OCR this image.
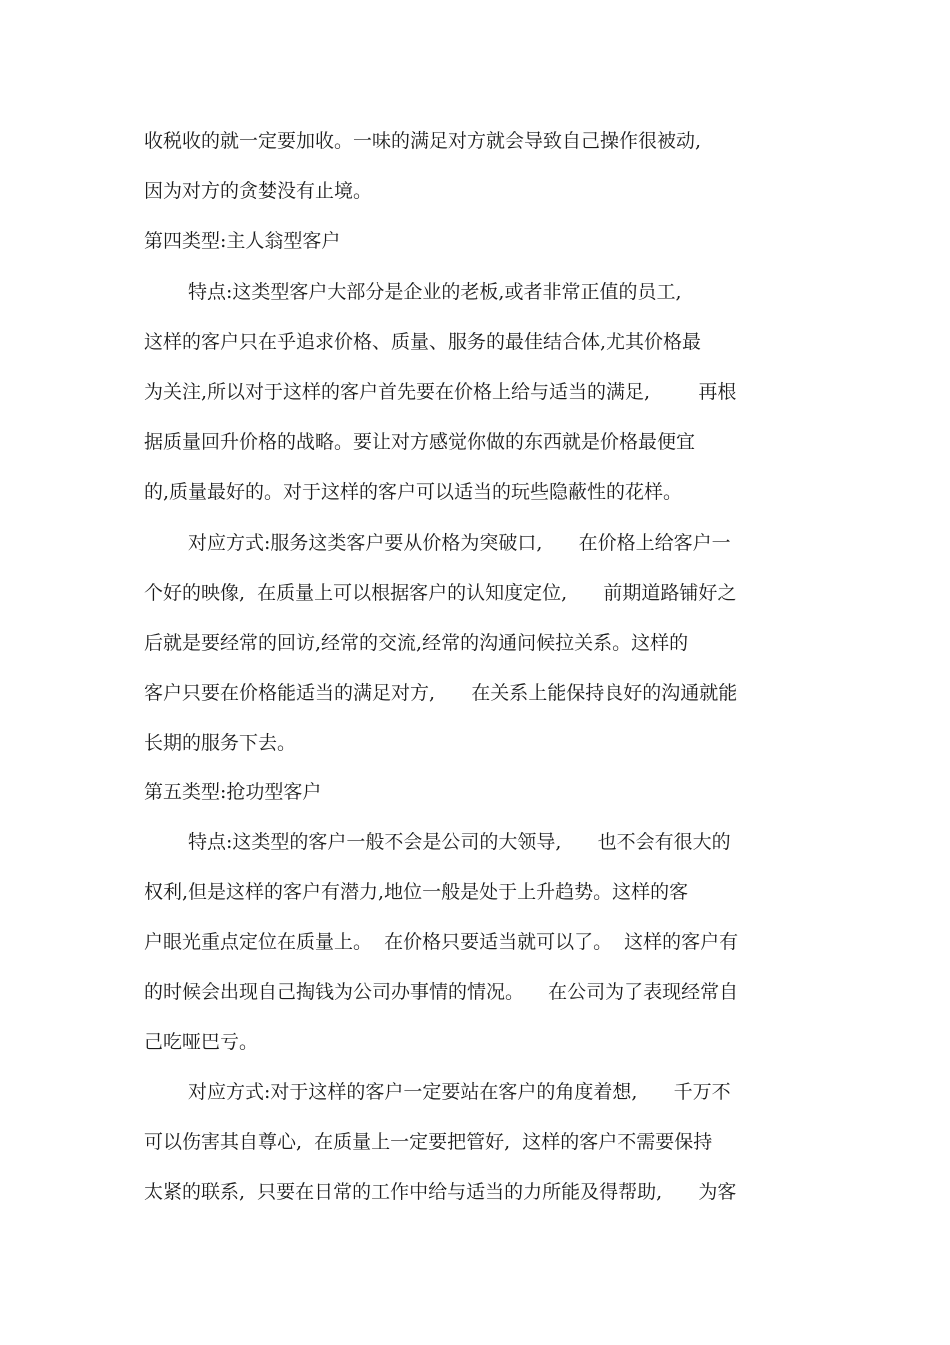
收税收的就一定要加收。一味的满足对方就会导致自己操作很被动,
因为对方的贪婪没有止境。
第四类型:主人翁型客户
特点:这类型客户大部分是企业的老板,或者非常正值的员工,
这样的客户只在乎追求价格、质量、服务的最佳结合体,尤其价格最
为关注,所以对于这样的客户首先要在价格上给与适当的满足,        再根
据质量回升价格的战略。要让对方感觉你做的东西就是价格最便宜
的,质量最好的。对于这样的客户可以适当的玩些隐蔽性的花样。
对应方式:服务这类客户要从价格为突破口,      在价格上给客户一
个好的映像,  在质量上可以根据客户的认知度定位,      前期道路铺好之
后就是要经常的回访,经常的交流,经常的沟通问候拉关系。这样的
客户只要在价格能适当的满足对方,      在关系上能保持良好的沟通就能
长期的服务下去。
第五类型:抢功型客户
特点:这类型的客户一般不会是公司的大领导,      也不会有很大的
权利,但是这样的客户有潜力,地位一般是处于上升趋势。这样的客
户眼光重点定位在质量上。  在价格只要适当就可以了。  这样的客户有
的时候会出现自己掏钱为公司办事情的情况。    在公司为了表现经常自
己吃哑巴亏。
对应方式:对于这样的客户一定要站在客户的角度着想,      千万不
可以伤害其自尊心,  在质量上一定要把管好,  这样的客户不需要保持
太紧的联系,  只要在日常的工作中给与适当的力所能及得帮助,      为客
